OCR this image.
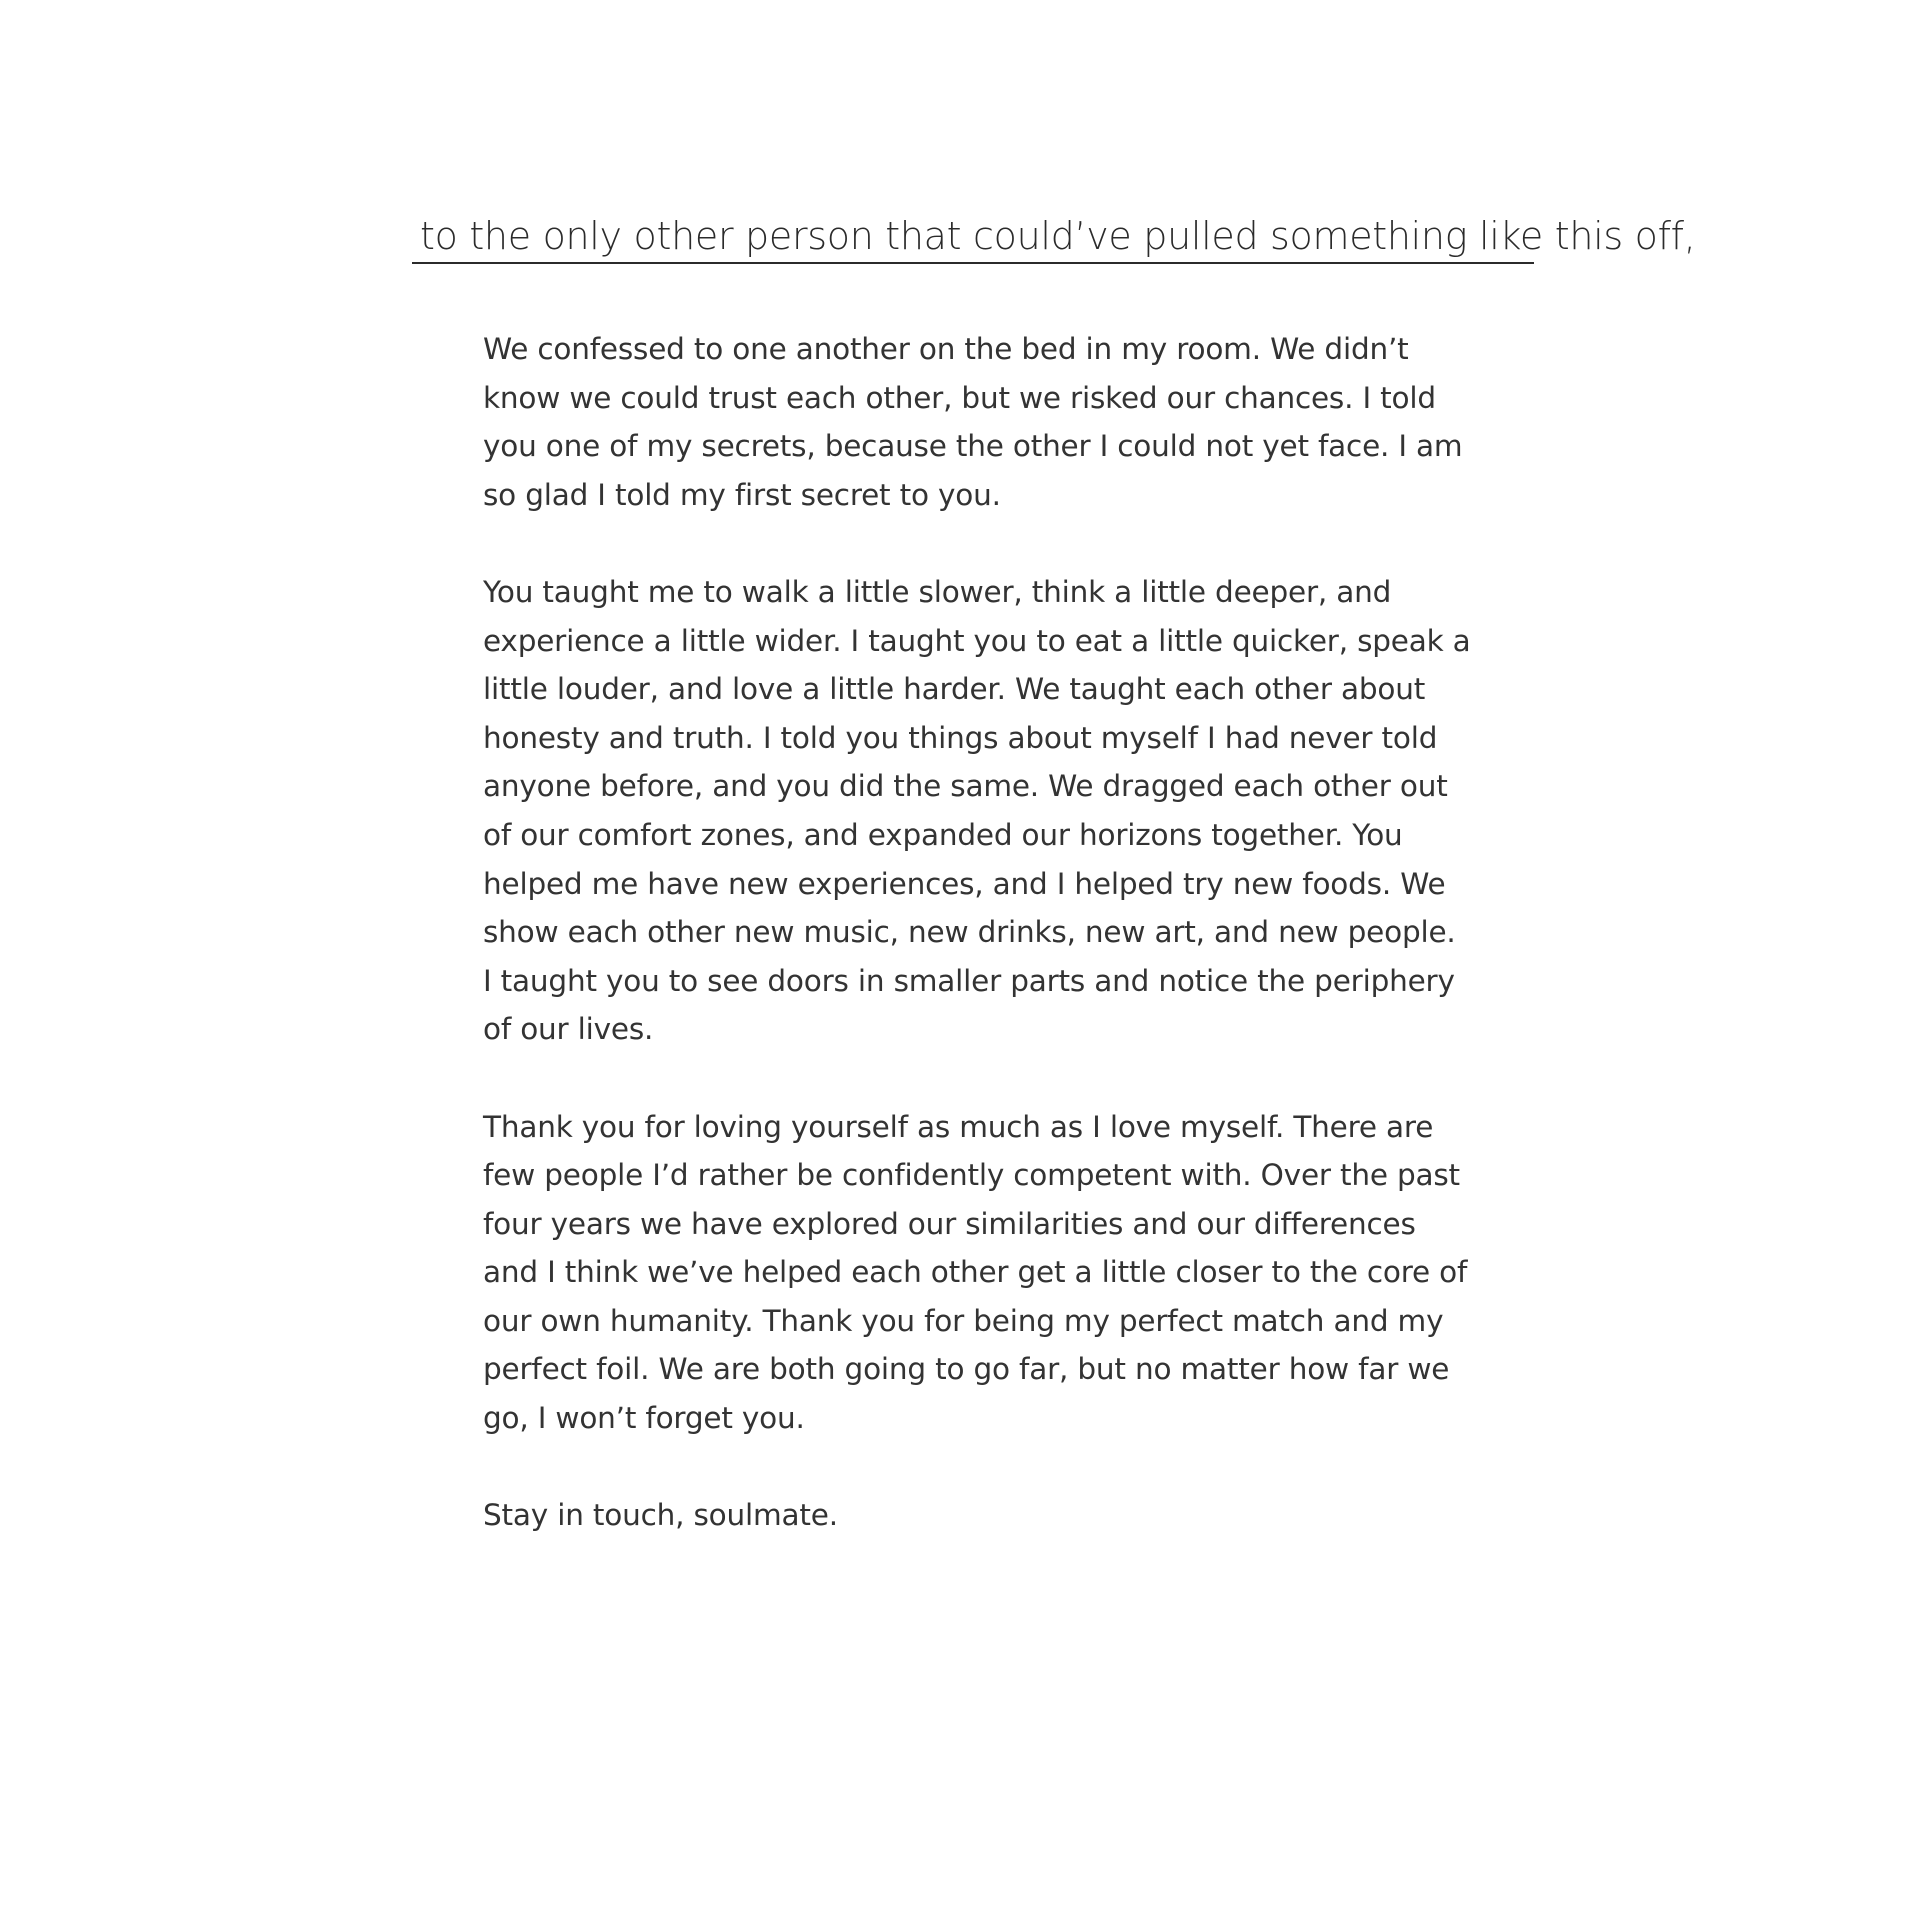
to the only other person that could’ve pulled something like this off,

We confessed to one another on the bed in my room. We didn’t know we could trust each other, but we risked our chances. I told you one of my secrets, because the other I could not yet face. I am so glad I told my first secret to you.

You taught me to walk a little slower, think a little deeper, and experience a little wider. I taught you to eat a little quicker, speak a little louder, and love a little harder. We taught each other about honesty and truth. I told you things about myself I had never told anyone before, and you did the same. We dragged each other out of our comfort zones, and expanded our horizons together. You helped me have new experiences, and I helped try new foods. We show each other new music, new drinks, new art, and new people. I taught you to see doors in smaller parts and notice the periphery of our lives.

Thank you for loving yourself as much as I love myself. There are few people I’d rather be confidently competent with. Over the past four years we have explored our similarities and our differences and I think we’ve helped each other get a little closer to the core of our own humanity. Thank you for being my perfect match and my perfect foil. We are both going to go far, but no matter how far we go, I won’t forget you.

Stay in touch, soulmate.
